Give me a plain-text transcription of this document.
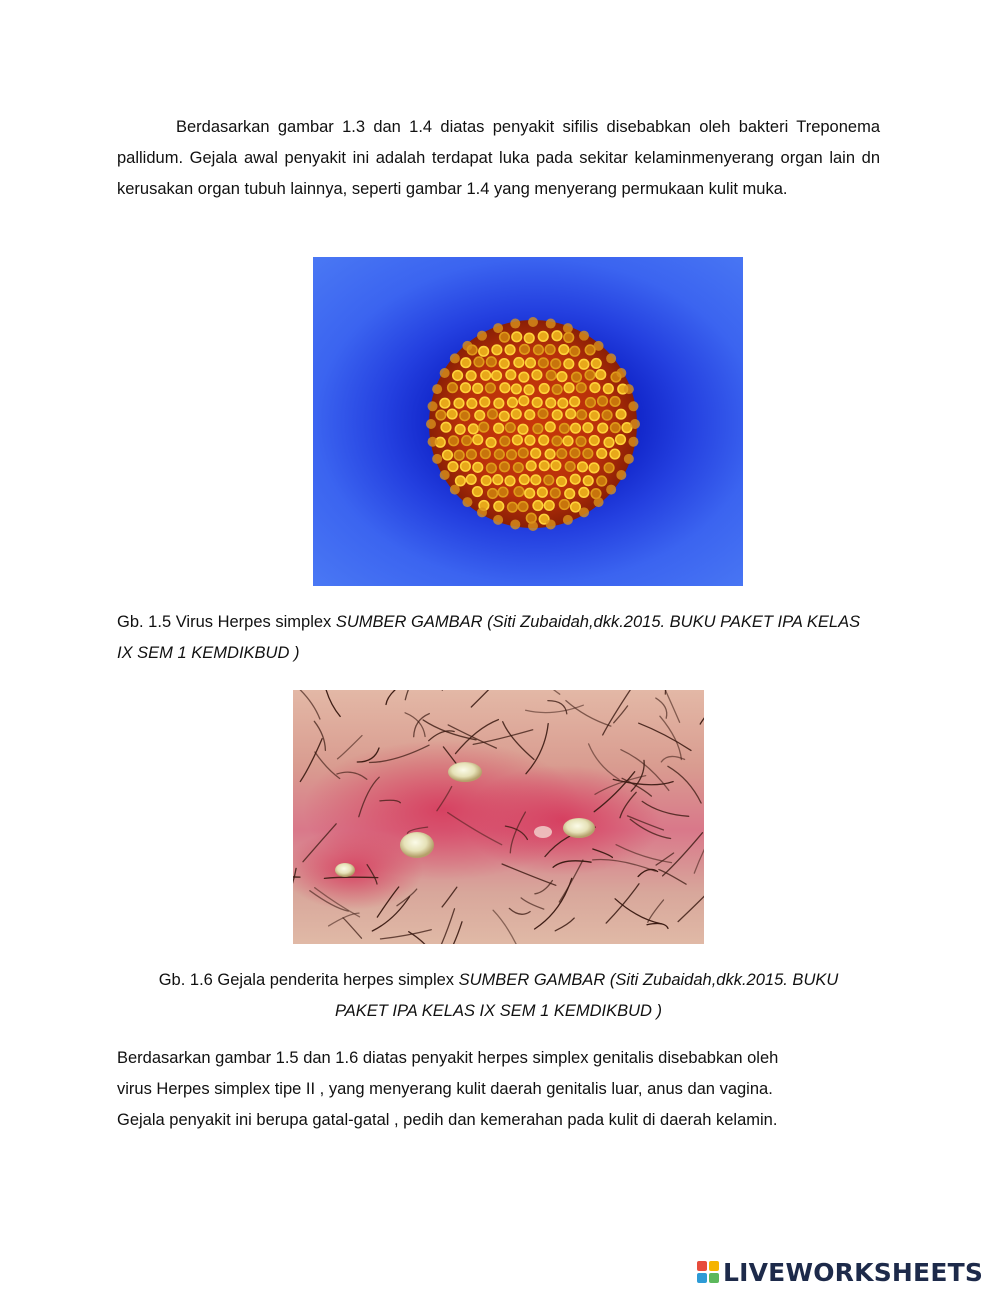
Berdasarkan gambar 1.3 dan 1.4 diatas penyakit sifilis disebabkan oleh bakteri Treponema pallidum. Gejala awal penyakit ini adalah terdapat luka pada sekitar kelaminmenyerang organ lain dn kerusakan organ tubuh lainnya, seperti gambar 1.4 yang menyerang permukaan kulit muka.

Gb. 1.5 Virus Herpes simplex SUMBER GAMBAR (Siti Zubaidah,dkk.2015. BUKU PAKET IPA KELAS IX SEM 1 KEMDIKBUD )

Gb. 1.6 Gejala penderita herpes simplex SUMBER GAMBAR (Siti Zubaidah,dkk.2015. BUKU
PAKET IPA KELAS IX SEM 1 KEMDIKBUD )

Berdasarkan gambar 1.5 dan 1.6 diatas penyakit herpes simplex genitalis disebabkan oleh
virus Herpes simplex tipe II , yang menyerang kulit daerah genitalis luar, anus dan vagina.
Gejala penyakit ini berupa gatal-gatal , pedih dan kemerahan pada kulit di daerah kelamin.

LIVEWORKSHEETS
